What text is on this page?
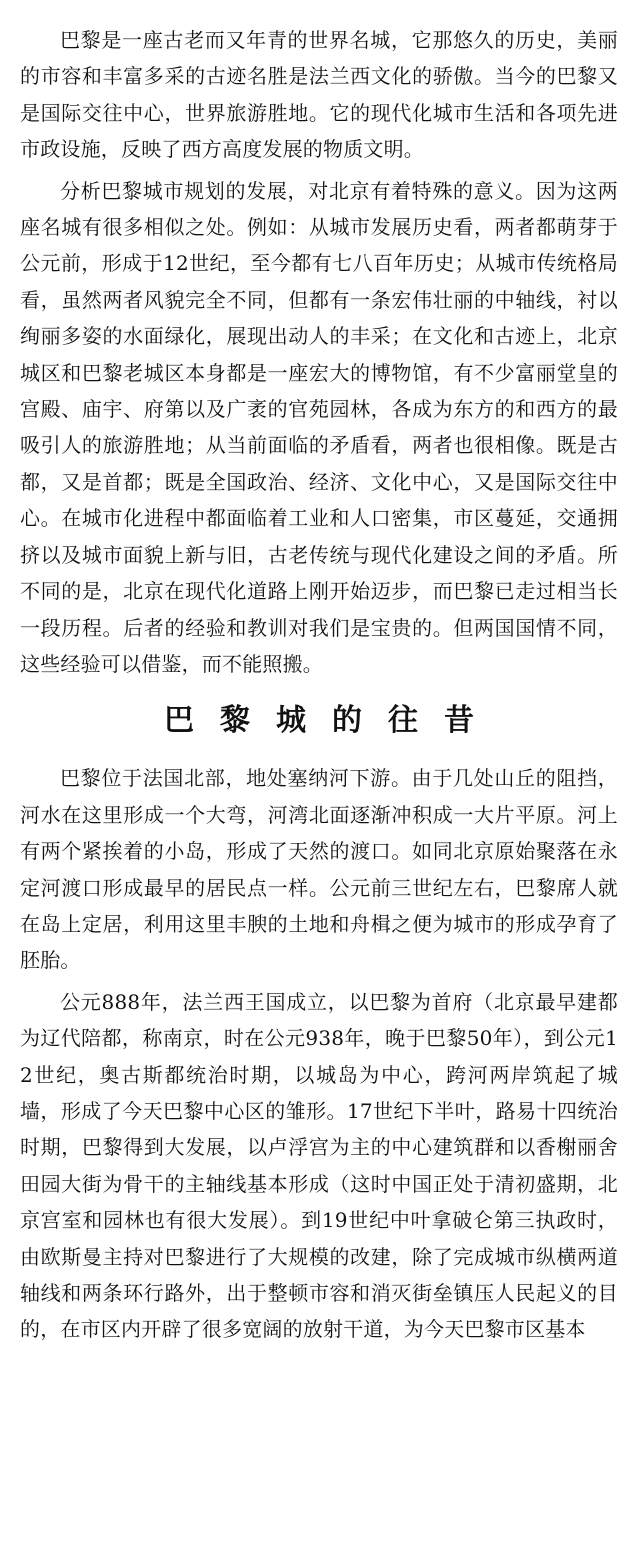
巴黎是一座古老而又年青的世界名城，它那悠久的历史，美丽的市容和丰富多采的古迹名胜是法兰西文化的骄傲。当今的巴黎又是国际交往中心，世界旅游胜地。它的现代化城市生活和各项先进市政设施，反映了西方高度发展的物质文明。

分析巴黎城市规划的发展，对北京有着特殊的意义。因为这两座名城有很多相似之处。例如：从城市发展历史看，两者都萌芽于公元前，形成于12世纪，至今都有七八百年历史；从城市传统格局看，虽然两者风貌完全不同，但都有一条宏伟壮丽的中轴线，衬以绚丽多姿的水面绿化，展现出动人的丰采；在文化和古迹上，北京城区和巴黎老城区本身都是一座宏大的博物馆，有不少富丽堂皇的宫殿、庙宇、府第以及广袤的官苑园林，各成为东方的和西方的最吸引人的旅游胜地；从当前面临的矛盾看，两者也很相像。既是古都，又是首都；既是全国政治、经济、文化中心，又是国际交往中心。在城市化进程中都面临着工业和人口密集，市区蔓延，交通拥挤以及城市面貌上新与旧，古老传统与现代化建设之间的矛盾。所不同的是，北京在现代化道路上刚开始迈步，而巴黎已走过相当长一段历程。后者的经验和教训对我们是宝贵的。但两国国情不同，这些经验可以借鉴，而不能照搬。

巴黎城的往昔

巴黎位于法国北部，地处塞纳河下游。由于几处山丘的阻挡，河水在这里形成一个大弯，河湾北面逐渐冲积成一大片平原。河上有两个紧挨着的小岛，形成了天然的渡口。如同北京原始聚落在永定河渡口形成最早的居民点一样。公元前三世纪左右，巴黎席人就在岛上定居，利用这里丰腴的土地和舟楫之便为城市的形成孕育了胚胎。

公元888年，法兰西王国成立，以巴黎为首府（北京最早建都为辽代陪都，称南京，时在公元938年，晚于巴黎50年），到公元12世纪，奥古斯都统治时期，以城岛为中心，跨河两岸筑起了城墙，形成了今天巴黎中心区的雏形。17世纪下半叶，路易十四统治时期，巴黎得到大发展，以卢浮宫为主的中心建筑群和以香榭丽舍田园大街为骨干的主轴线基本形成（这时中国正处于清初盛期，北京宫室和园林也有很大发展）。到19世纪中叶拿破仑第三执政时，由欧斯曼主持对巴黎进行了大规模的改建，除了完成城市纵横两道轴线和两条环行路外，出于整顿市容和消灭街垒镇压人民起义的目的，在市区内开辟了很多宽阔的放射干道，为今天巴黎市区基本
